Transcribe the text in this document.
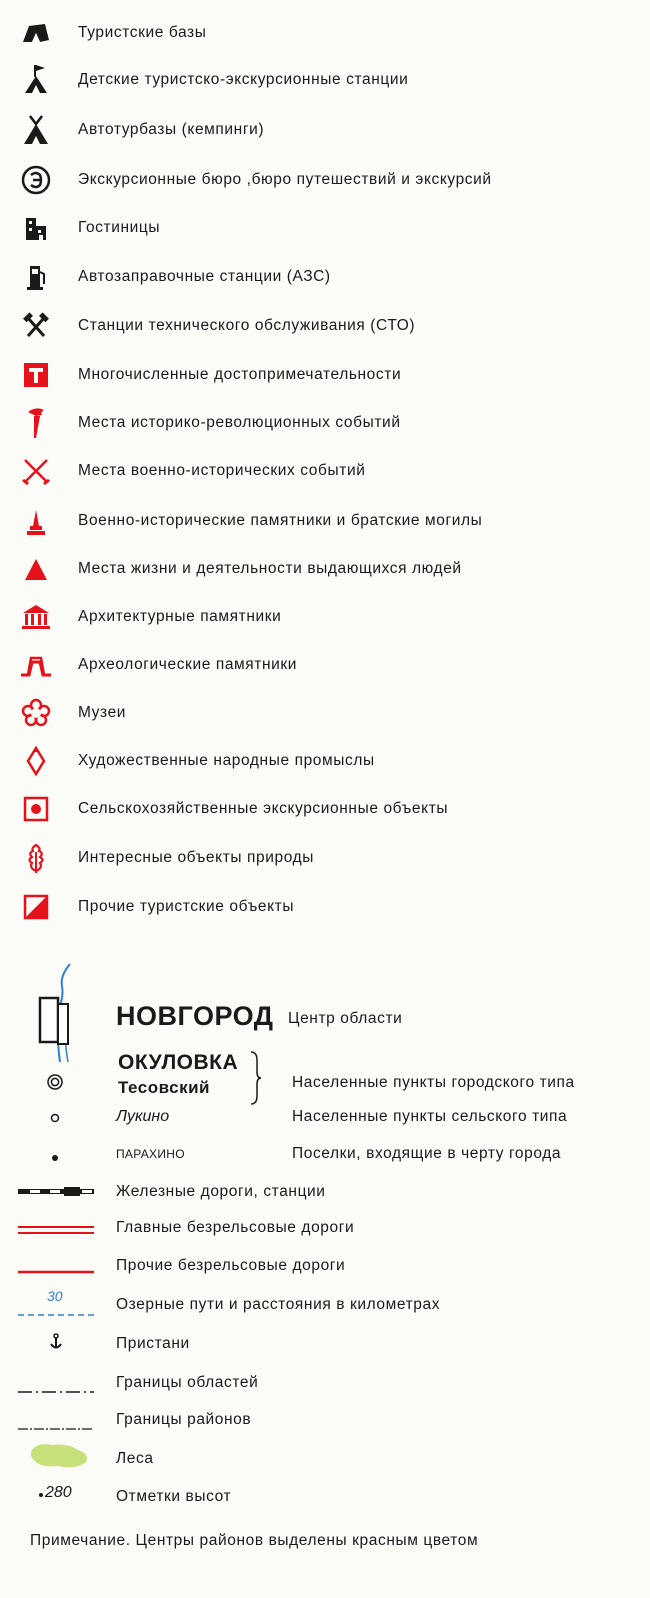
Туристские базы
Детские туристско-экскурсионные станции
Автотурбазы (кемпинги)
Экскурсионные бюро ,бюро путешествий и экскурсий
Гостиницы
Автозаправочные станции (АЗС)
Станции технического обслуживания (СТО)
Многочисленные достопримечательности
Места историко-революционных событий
Места военно-исторических событий
Военно-исторические памятники и братские могилы
Места жизни и деятельности выдающихся людей
Архитектурные памятники
Археологические памятники
Музеи
Художественные народные промыслы
Сельскохозяйственные экскурсионные объекты
Интересные объекты природы
Прочие туристские объекты
НОВГОРОД Центр области
ОКУЛОВКА
Тесовский	Населенные пункты городского типа
Лукино	Населенные пункты сельского типа
ПАРАХИНО	Поселки, входящие в черту города
Железные дороги, станции
Главные безрельсовые дороги
Прочие безрельсовые дороги
30	Озерные пути и расстояния в километрах
Пристани
Границы областей
Границы районов
Леса
280	Отметки высот
Примечание. Центры районов выделены красным цветом
